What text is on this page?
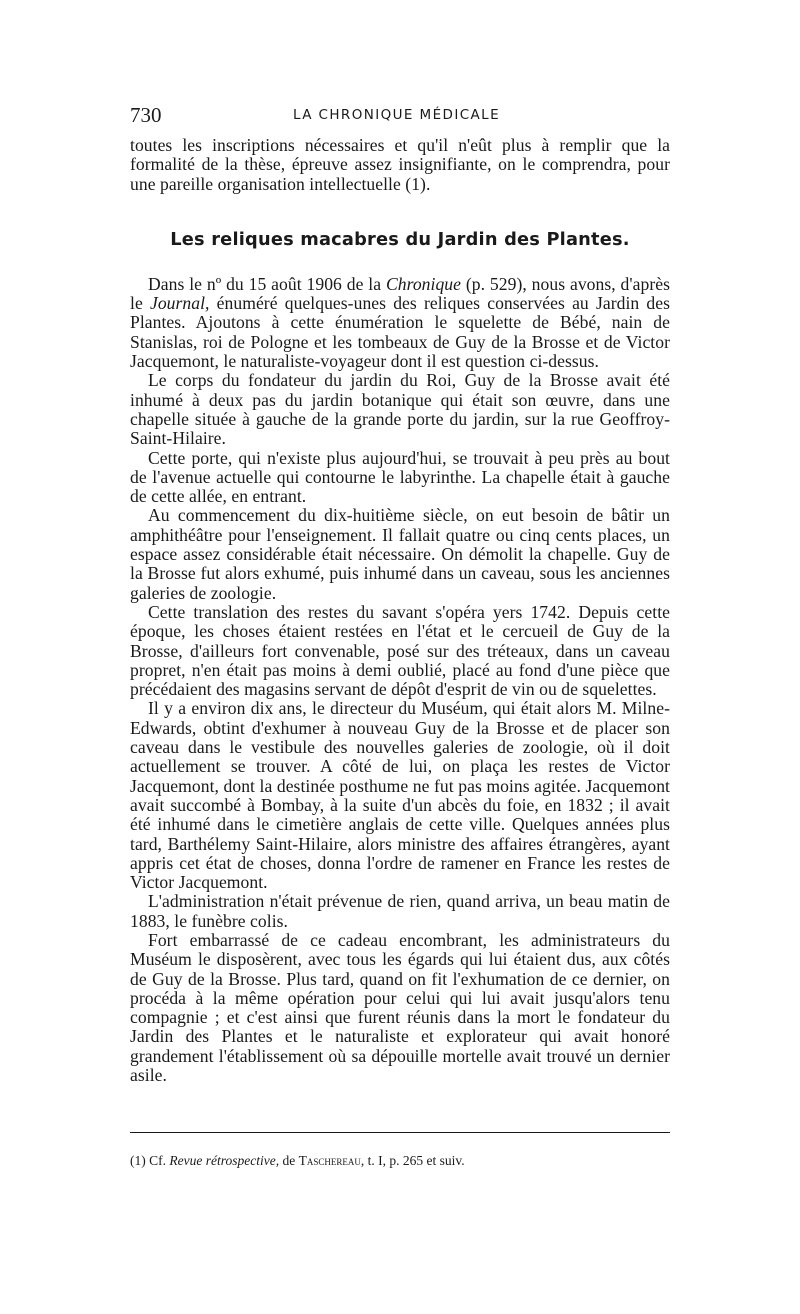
730	LA CHRONIQUE MÉDICALE

toutes les inscriptions nécessaires et qu'il n'eût plus à remplir que la formalité de la thèse, épreuve assez insignifiante, on le comprendra, pour une pareille organisation intellectuelle (1).

Les reliques macabres du Jardin des Plantes.

Dans le nº du 15 août 1906 de la Chronique (p. 529), nous avons, d'après le Journal, énuméré quelques-unes des reliques conservées au Jardin des Plantes. Ajoutons à cette énumération le squelette de Bébé, nain de Stanislas, roi de Pologne et les tombeaux de Guy de la Brosse et de Victor Jacquemont, le naturaliste-voyageur dont il est question ci-dessus.

Le corps du fondateur du jardin du Roi, Guy de la Brosse avait été inhumé à deux pas du jardin botanique qui était son œuvre, dans une chapelle située à gauche de la grande porte du jardin, sur la rue Geoffroy-Saint-Hilaire.

Cette porte, qui n'existe plus aujourd'hui, se trouvait à peu près au bout de l'avenue actuelle qui contourne le labyrinthe. La chapelle était à gauche de cette allée, en entrant.

Au commencement du dix-huitième siècle, on eut besoin de bâtir un amphithéâtre pour l'enseignement. Il fallait quatre ou cinq cents places, un espace assez considérable était nécessaire. On démolit la chapelle. Guy de la Brosse fut alors exhumé, puis inhumé dans un caveau, sous les anciennes galeries de zoologie.

Cette translation des restes du savant s'opéra yers 1742. Depuis cette époque, les choses étaient restées en l'état et le cercueil de Guy de la Brosse, d'ailleurs fort convenable, posé sur des tréteaux, dans un caveau propret, n'en était pas moins à demi oublié, placé au fond d'une pièce que précédaient des magasins servant de dépôt d'esprit de vin ou de squelettes.

Il y a environ dix ans, le directeur du Muséum, qui était alors M. Milne-Edwards, obtint d'exhumer à nouveau Guy de la Brosse et de placer son caveau dans le vestibule des nouvelles galeries de zoologie, où il doit actuellement se trouver. A côté de lui, on plaça les restes de Victor Jacquemont, dont la destinée posthume ne fut pas moins agitée. Jacquemont avait succombé à Bombay, à la suite d'un abcès du foie, en 1832 ; il avait été inhumé dans le cimetière anglais de cette ville. Quelques années plus tard, Barthélemy Saint-Hilaire, alors ministre des affaires étrangères, ayant appris cet état de choses, donna l'ordre de ramener en France les restes de Victor Jacquemont.

L'administration n'était prévenue de rien, quand arriva, un beau matin de 1883, le funèbre colis.

Fort embarrassé de ce cadeau encombrant, les administrateurs du Muséum le disposèrent, avec tous les égards qui lui étaient dus, aux côtés de Guy de la Brosse. Plus tard, quand on fit l'exhumation de ce dernier, on procéda à la même opération pour celui qui lui avait jusqu'alors tenu compagnie ; et c'est ainsi que furent réunis dans la mort le fondateur du Jardin des Plantes et le naturaliste et explorateur qui avait honoré grandement l'établissement où sa dépouille mortelle avait trouvé un dernier asile.

(1) Cf. Revue rétrospective, de Taschereau, t. I, p. 265 et suiv.
